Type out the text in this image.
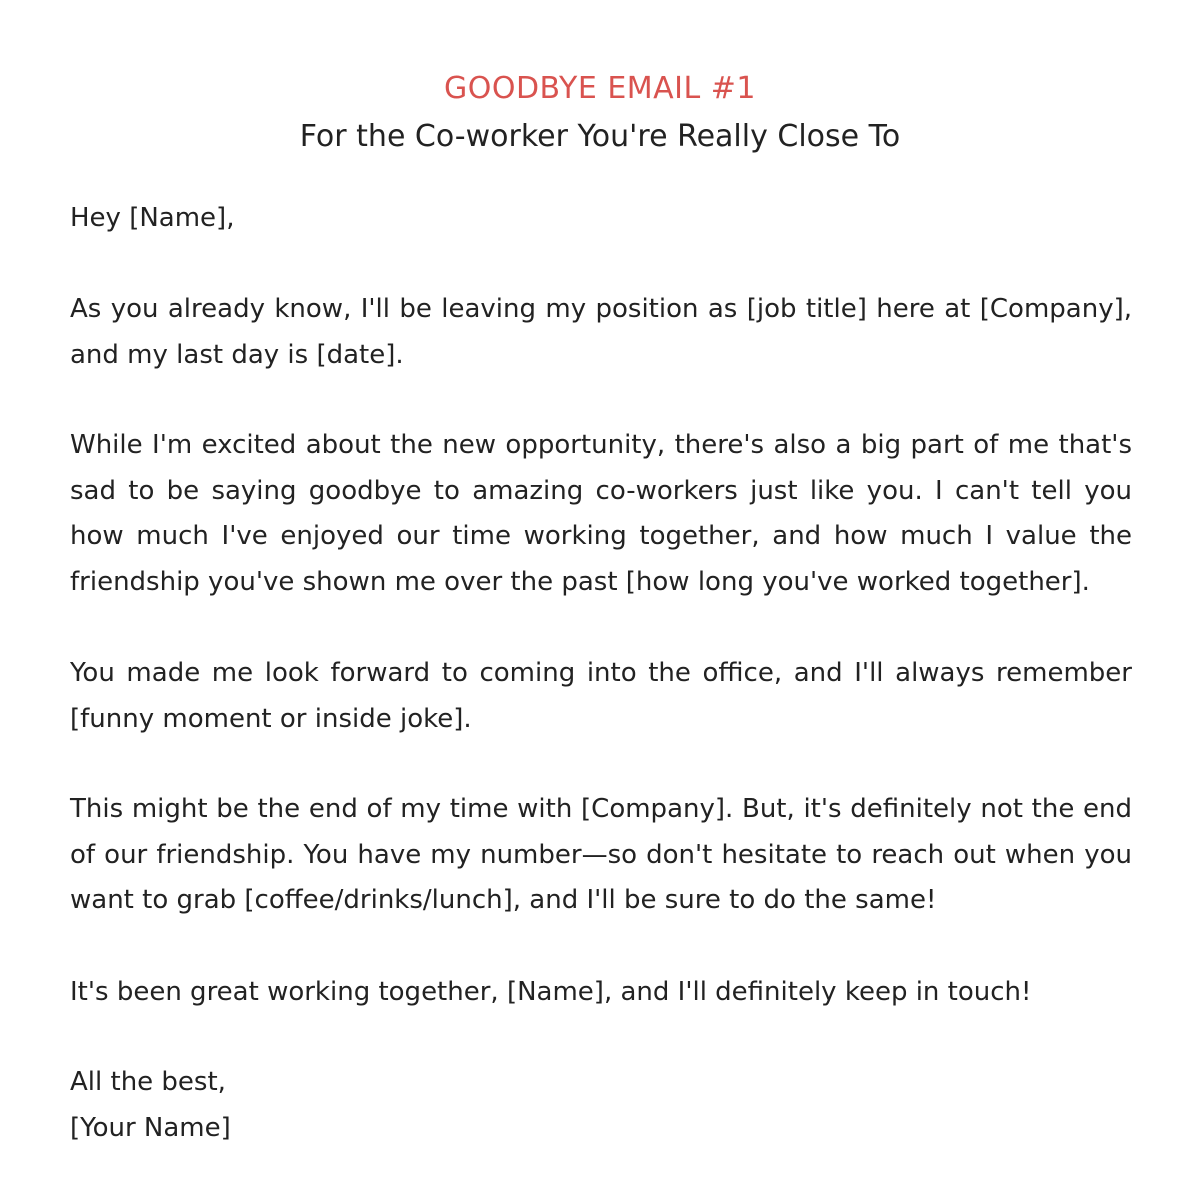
GOODBYE EMAIL #1
For the Co-worker You're Really Close To
Hey [Name],
As you already know, I'll be leaving my position as [job title] here at [Company], and my last day is [date].
While I'm excited about the new opportunity, there's also a big part of me that's sad to be saying goodbye to amazing co-workers just like you. I can't tell you how much I've enjoyed our time working together, and how much I value the friendship you've shown me over the past [how long you've worked together].
You made me look forward to coming into the office, and I'll always remember [funny moment or inside joke].
This might be the end of my time with [Company]. But, it's definitely not the end of our friendship. You have my number—so don't hesitate to reach out when you want to grab [coffee/drinks/lunch], and I'll be sure to do the same!
It's been great working together, [Name], and I'll definitely keep in touch!
All the best,
[Your Name]
